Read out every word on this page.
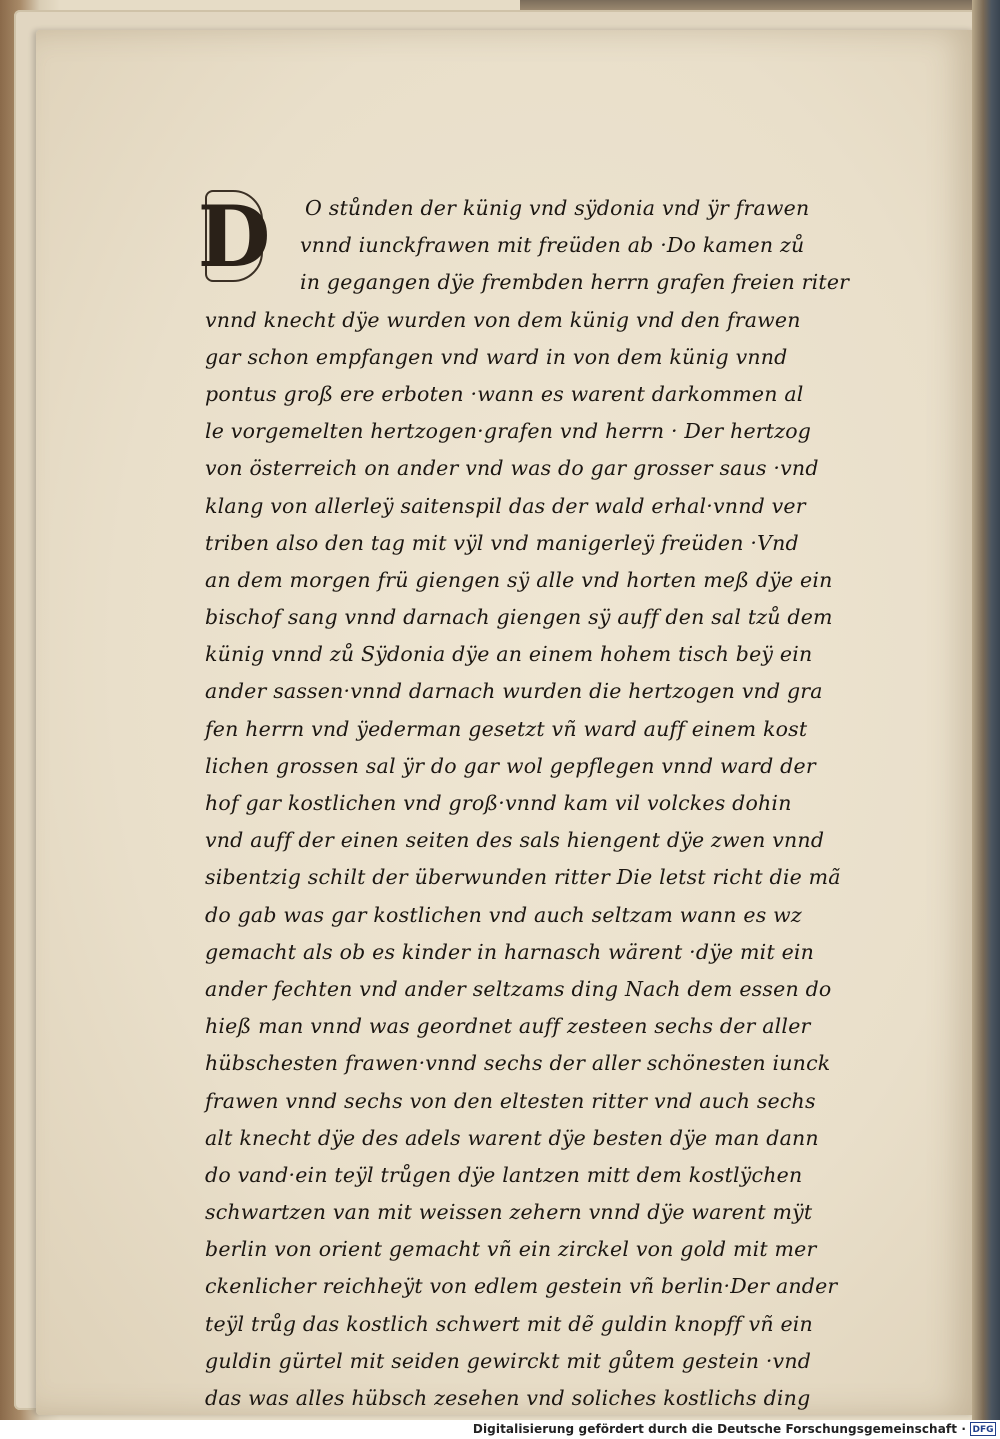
D	O stůnden der künig vnd sÿdonia vnd ÿr frawen
vnnd iunckfrawen mit freüden ab ·Do kamen zů
in gegangen dÿe frembden herrn grafen freien riter
vnnd knecht dÿe wurden von dem künig vnd den frawen
gar schon empfangen vnd ward in von dem künig vnnd
pontus groß ere erboten ·wann es warent darkommen al
le vorgemelten hertzogen·grafen vnd herrn · Der hertzog
von österreich on ander vnd was do gar grosser saus ·vnd
klang von allerleÿ saitenspil das der wald erhal·vnnd ver
triben also den tag mit vÿl vnd manigerleÿ freüden ·Vnd
an dem morgen frü giengen sÿ alle vnd horten meß dÿe ein
bischof sang vnnd darnach giengen sÿ auff den sal tzů dem
künig vnnd zů Sÿdonia dÿe an einem hohem tisch beÿ ein
ander sassen·vnnd darnach wurden die hertzogen vnd gra
fen herrn vnd ÿederman gesetzt vñ ward auff einem kost
lichen grossen sal ÿr do gar wol gepflegen vnnd ward der
hof gar kostlichen vnd groß·vnnd kam vil volckes dohin
vnd auff der einen seiten des sals hiengent dÿe zwen vnnd
sibentzig schilt der überwunden ritter Die letst richt die mã
do gab was gar kostlichen vnd auch seltzam wann es wz
gemacht als ob es kinder in harnasch wärent ·dÿe mit ein
ander fechten vnd ander seltzams ding Nach dem essen do
hieß man vnnd was geordnet auff zesteen sechs der aller
hübschesten frawen·vnnd sechs der aller schönesten iunck
frawen vnnd sechs von den eltesten ritter vnd auch sechs
alt knecht dÿe des adels warent dÿe besten dÿe man dann
do vand·ein teÿl trůgen dÿe lantzen mitt dem kostlÿchen
schwartzen van mit weissen zehern vnnd dÿe warent mÿt
berlin von orient gemacht vñ ein zirckel von gold mit mer
ckenlicher reichheÿt von edlem gestein vñ berlin·Der ander
teÿl trůg das kostlich schwert mit dẽ guldin knopff vñ ein
guldin gürtel mit seiden gewirckt mit gůtem gestein ·vnd
das was alles hübsch zesehen vnd soliches kostlichs ding
Digitalisierung gefördert durch die Deutsche Forschungsgemeinschaft · DFG
